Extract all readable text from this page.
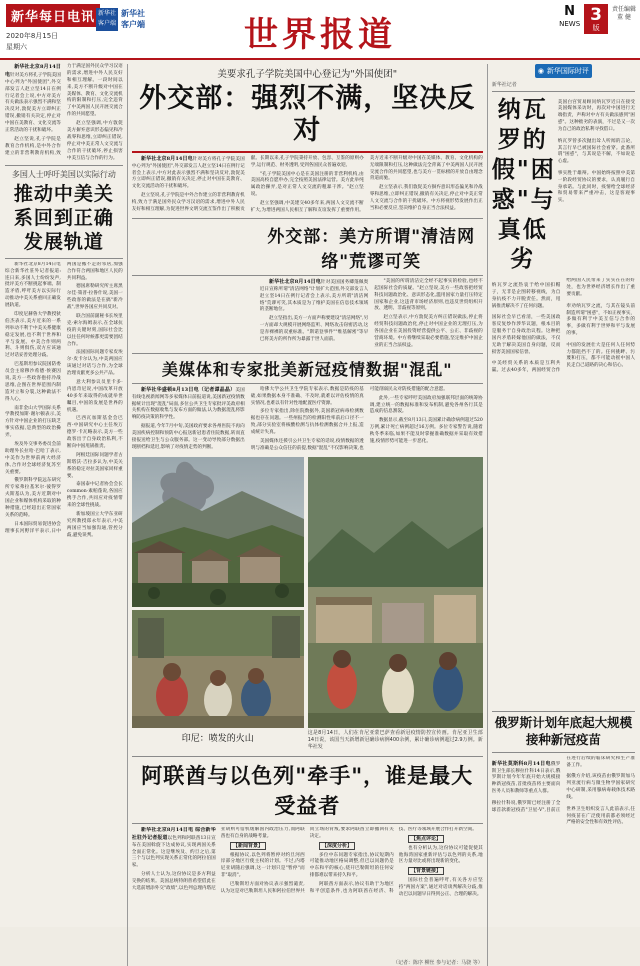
新华每日电讯
2020年8月15日
星期六
新华社
客户端
新华社
客户端	世界报道
N
NEWS 3
版
责任编辑
董 健

新华社北京8月14日电针对美方将孔子学院美国中心列为"外国使团",外交部发言人赵立坚14日在例行记者会上说,中方对美方有关做法表示强烈不满和坚决反对,敦促美方立即纠正错误,撤销有关决定,停止对中国在美教育、文化交流等正常活动的干扰和破坏。

赵立坚说,孔子学院是教育合作机构,是中外合作建立的非营利教育机构,致力于满足国外民众学习汉语的需求,增进中外人民友好和相互理解。一段时间以来,美方不断升级对中国在美媒体、教育、文化交流机构的限制和打压,完全违背了中美两国人民开展交流合作的共同愿望。

赵立坚强调,中方敦促美方摒弃意识形态偏见和冷战零和思维,立即纠正错误,停止对中美正常人文交流与合作的干扰破坏,停止损害中美互信与合作的行为。

多国人士呼吁美国以实际行动
推动中美关系回到正确发展轨道

新华社北京8月14日电 综合新华社驻外记者报道:连日来,多国人士纷纷发声,批评美方不断挑起事端、制造矛盾,呼吁美方以实际行动推动中美关系重回正确发展轨道。

印度尼赫鲁大学教授狄伯杰表示,美方近来的一系列举动不利于中美关系健康稳定发展,也不利于世界和平与发展。中美合作则两利、斗则俱伤,双方应该通过对话妥善处理分歧。

巴基斯坦参议院国防委员会主席穆沙希德·侯赛因说,美方一些政客抱持冷战思维,企图在世界范围内制造对立和分裂,这种做法不得人心。

南非金山大学国际关系学教授加斯·谢尔顿表示,美方针对中国企业的打压缺乏事实依据,是典型的政治操弄。

埃及外交事务委员会前助理外长拉哈·巴哈丁表示,中美作为世界前两大经济体,合作对全球经济复苏至关重要。

俄罗斯科学院远东研究所专家弗拉基米尔·彼得罗夫斯基认为,美方近期对中国企业和媒体机构采取的种种措施,已经超出正常国家关系的范畴。

日本国际贸易促进协会理事长河野洋平表示,日中两国是搬不走的邻居,加强合作符合两国和地区人民的共同利益。

德国席勒研究所主席黑尔佳·策普-拉鲁什说,美国一些政客的做法是在搞"新冷战",世界各国应共同反对。

联合国前副秘书长埃里克·索尔海姆表示,在全球抗疫的关键时刻,国际社会比以往任何时候都更需要团结合作。

法国国际问题专家皮埃尔·皮卡尔认为,中美两国应该通过对话与合作,为全球治理贡献更多公共产品。

意大利参议员里卡多·内恩奇尼说,中国改革开放40多年来取得的成就举世瞩目,中国的发展是世界的机遇。

巴西瓦加斯基金会巴西-中国研究中心主任埃万德罗·卡瓦略表示,美方一些政客出于自身政治私利,不断向中国甩锅推责。

阿根廷国际问题学者古斯塔沃·吉拉多认为,中美关系的稳定对拉美国家同样重要。

泰国泰中记者协会会长common·素帕蓬说,各国应携手合作,共同应对疫情带来的全球性挑战。

新加坡国立大学东亚研究所教授郑永年表示,中美两国应当加强沟通,管控分歧,避免误判。

美要求孔子学院美国中心登记为"外国使团"
外交部：强烈不满，坚决反对

新华社北京8月14日电针对美方将孔子学院美国中心列为"外国使团",外交部发言人赵立坚14日在例行记者会上表示,中方对此表示强烈不满和坚决反对,敦促美方立即纠正错误,撤销有关决定,停止对中国在美教育、文化交流活动的干扰和破坏。

赵立坚说,孔子学院是中外合作建立的非营利教育机构,致力于满足国外民众学习汉语的需求,增进中外人民友好和相互理解,为促进世界文明交流互鉴作出了积极贡献。长期以来,孔子学院秉持开放、包容、互鉴的原则办学,运行规范、财务透明,受到各国民众普遍欢迎。

"孔子学院美国中心是在美国注册的非营利机构,由美国高校自愿申办,完全按照美国法律运营。美方此举纯属政治操弄,是对正常人文交流的粗暴干涉。"赵立坚说。

赵立坚强调,中美建交40多年来,两国人文交流不断扩大,为增进两国人民相互了解和友谊发挥了重要作用。美方近来不断升级对中国在美媒体、教育、文化机构的无端限制和打压,这种做法完全背离了中美两国人民开展交流合作的共同愿望,也与美方一贯标榜的开放自由理念背道而驰。

赵立坚表示,我们敦促美方摒弃意识形态偏见和冷战零和思维,立即纠正错误,撤销有关决定,停止对中美正常人文交流与合作的干扰破坏。中方将视形势发展作出正当和必要反应,坚决维护自身正当合法权益。

外交部：美方所谓"清洁网络"荒谬可笑

新华社北京8月14日电针对美国国务卿蓬佩奥近日宣称所谓"清洁网络"计划扩大范围,外交部发言人赵立坚14日在例行记者会上表示,美方所谓"清洁网络"荒谬可笑,其本质是为了维护美国在信息技术领域的垄断地位。

赵立坚指出,美方一方面声称要建设"清洁网络",另一方面却大规模开展网络监听、网络攻击窃密活动,这是赤裸裸的双重标准。"斯诺登事件""维基解密"等早已将美方的所作所为暴露于世人面前。

"美国的所谓清洁完全经不起事实的检验,也经不起国际社会的质疑。"赵立坚说,美方一些政客把经贸科技问题政治化、意识形态化,滥用国家力量打压特定国家和企业,这违背市场经济原则,也违反世贸组织开放、透明、非歧视等原则。

赵立坚表示,中方敦促美方纠正错误做法,停止将经贸科技问题政治化,停止对中国企业的无理打压,为各国企业在美国投资经营提供公平、公正、非歧视的营商环境。中方将继续采取必要措施,坚定维护中国企业的正当合法权益。

美媒体和专家批美新冠疫情数据"混乱"

新华社华盛顿8月13日电（记者谭晶晶）美国有线电视新闻网等多家媒体日前报道说,美国新冠疫情数据统计出现"混乱"局面,多位公共卫生专家批评美政府相关机构在数据收集与发布方面的做法,认为数据混乱将影响防疫决策的科学性。

据报道,今年7月中旬,美国政府要求各州医院不再向美国疾病控制和预防中心报送新冠患者住院数据,转而直接报送给卫生与公众服务部。这一变动导致部分数据出现断档和延迟,影响了对疫情走势的判断。

哈佛大学公共卫生学院专家表示,数据是防疫的基础,如果数据本身不准确、不及时,就难以评估疫情的真实情况,也难以有针对性地配置医疗资源。

多位专家指出,除住院数据外,美国新冠病毒检测数据也存在问题。一些州报告的检测阳性率前后口径不一致,部分实验室将核酸检测与抗体检测数据合并上报,造成统计失真。

美国媒体还援引公共卫生专家的话说,疫情数据的透明与准确是公众信任的前提,数据"混乱"不仅影响决策,也可能削弱民众对防疫措施的配合意愿。

此外,一些专家呼吁美国政府加强联邦层面的统筹协调,建立统一的数据标准和发布机制,避免各州各行其是造成的信息割裂。

数据显示,截至8月13日,美国累计确诊病例超过520万例,累计死亡病例超过16万例。多位专家警告说,随着秋冬季来临,如果不能及时掌握准确数据并采取有效措施,疫情形势可能进一步恶化。

印尼：喷发的火山
这是8月14日，人们在肯尼亚蒙巴萨查看新冠疫情防控宣传画。肯尼亚卫生部14日说，该国当天新增新冠确诊病例400余例，累计确诊病例超过2.9万例。新华社发
阿联酋与以色列"牵手"，谁是最大受益者

新华社北京8月14日电 综合新华社驻外记者报道以色列和阿联酋13日宣布在美国斡旋下达成协议,实现两国关系全面正常化。这是继埃及、约旦之后,第三个与以色列实现关系正常化的阿拉伯国家。

分析人士认为,这份协议是多方利益交换的结果。美国总统特朗普希望借此在大选前增添外交"政绩",以色列总理内塔尼亚胡则可借机缓解国内政治压力,而阿联酋也有自身的战略考量。

【新闻背景】

根据协议,以色列将暂停对约旦河西岸部分地区行使主权的计划。不过,内塔尼亚胡随后强调,这一计划只是"暂停"而非"取消"。

巴勒斯坦方面对协议表示强烈谴责,认为这是对巴勒斯坦人民和阿拉伯世界共同立场的背叛,要求阿联酋立即撤回有关决定。

【深度分析】

多位中东问题专家指出,协议短期内可能推动地区格局调整,但巴以问题仍是中东和平的核心,绕开巴勒斯坦的任何安排都难以带来持久和平。

阿联酋方面表示,协议有助于为地区和平创造条件,也为阿联酋在经济、科技、医疗等领域开展合作打开新空间。

【焦点评论】

也有分析认为,这份协议可能促使其他海湾国家重新评估与以色列的关系,地区力量对比或将出现新的变化。

【背景链接】

国际社会普遍呼吁,有关各方应坚持"两国方案",通过对话谈判解决分歧,推动巴以问题早日得到公正、合理的解决。

（记者：陈序 柳丝 参与记者：马骁 等）
◉ 新华国际时评
新华社记者
纳瓦罗的假"困惑"与真低劣

美国白宫贸易顾问纳瓦罗近日在接受美国媒体采访时，再次对中国进行无端指责，声称对中方有关做法感到"困惑"。这种拙劣的表演，不过是又一次为自己的政治私利寻找借口。

纳瓦罗曾多次抛出耸人听闻的言论，其言行早已被国际社会看穿。此番所谓"困惑"，与其说是不解，不如说是心虚。

事实胜于雄辩。中国始终按照中美第一阶段经贸协议的要求，认真履行自身承诺。与此同时，疫情给全球经济和贸易带来严重冲击，这是客观事实。

纳瓦罗之流热衷于给中国扣帽子，无非是企图转移视线，为自身抗疫不力开脱责任。然而，甩锅推责解决不了任何问题。

国际社会早已看清，一些美国政客反复炒作涉华议题，根本目的是服务于自身政治议程。这种把国内矛盾转嫁他国的做法，不仅无助于解决美国自身问题，反而损害美国国家信誉。

中美经贸关系的本质是互利共赢。过去40多年，两国经贸合作给两国人民带来了实实在在的好处，也为世界经济增长作出了重要贡献。

奉劝纳瓦罗之流，与其在镜头前制造所谓"困惑"，不如正视事实，多做有利于中美互信与合作的事，多做有利于世界和平与发展的事。

中国的发展壮大是任何人任何势力都阻挡不了的。任何挑衅、污蔑和打压，都不可能动摇中国人民走自己道路的决心和信心。

俄罗斯计划年底起大规模接种新冠疫苗

新华社莫斯科8月14日电俄罗斯卫生部长穆拉什科14日表示,俄罗斯计划今年年底开始大规模接种新冠疫苗,首批疫苗将主要面向医务人员和教师等重点人群。

穆拉什科说,俄罗斯已经注册了全球首款新冠疫苗"卫星-V",目前正在进行后续的临床研究和生产准备工作。

据俄方介绍,该疫苗由俄罗斯加马列亚流行病与微生物学国家研究中心研制,采用腺病毒载体技术路线。

世界卫生组织发言人此前表示,任何疫苗在广泛使用前都必须经过严格的安全性和有效性评估。
